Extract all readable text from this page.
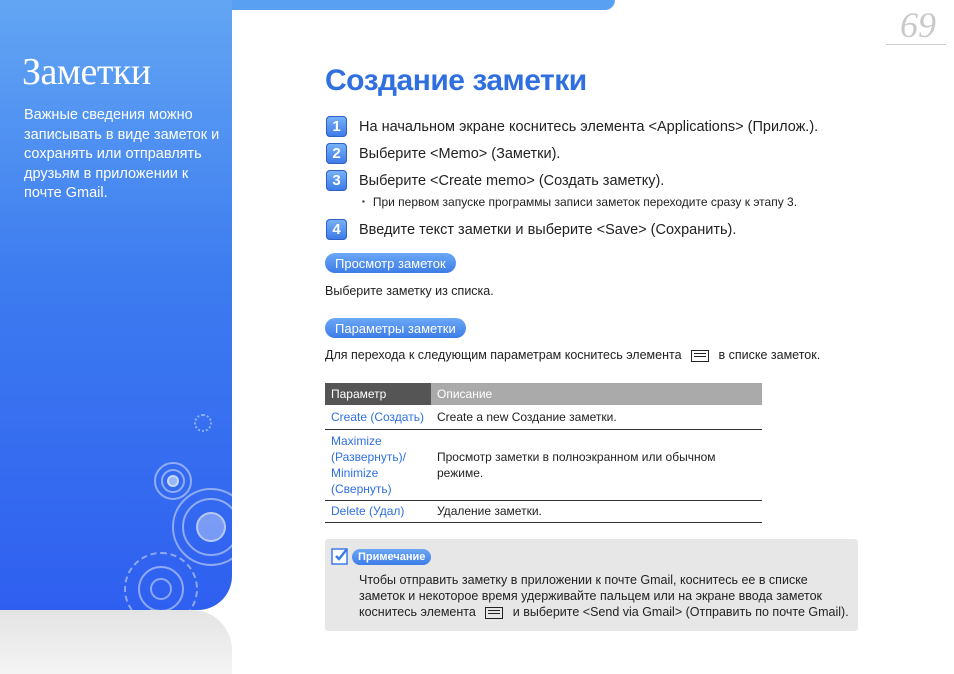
Заметки
Важные сведения можно записывать в виде заметок и сохранять или отправлять друзьям в приложении к почте Gmail.
69
Создание заметки
1	На начальном экране коснитесь элемента <Applications> (Прилож.).
2	Выберите <Memo> (Заметки).
3	Выберите <Create memo> (Создать заметку).
▪ При первом запуске программы записи заметок переходите сразу к этапу 3.
4	Введите текст заметки и выберите <Save> (Сохранить).
Просмотр заметок
Выберите заметку из списка.
Параметры заметки
Для перехода к следующим параметрам коснитесь элемента	в списке заметок.
Параметр	Описание
Create (Создать)	Create a new Создание заметки.
Maximize (Развернуть)/ Minimize (Свернуть)	Просмотр заметки в полноэкранном или обычном режиме.
Delete (Удал)	Удаление заметки.
Примечание
Чтобы отправить заметку в приложении к почте Gmail, коснитесь ее в списке заметок и некоторое время удерживайте пальцем или на экране ввода заметок коснитесь элемента	и выберите <Send via Gmail> (Отправить по почте Gmail).
